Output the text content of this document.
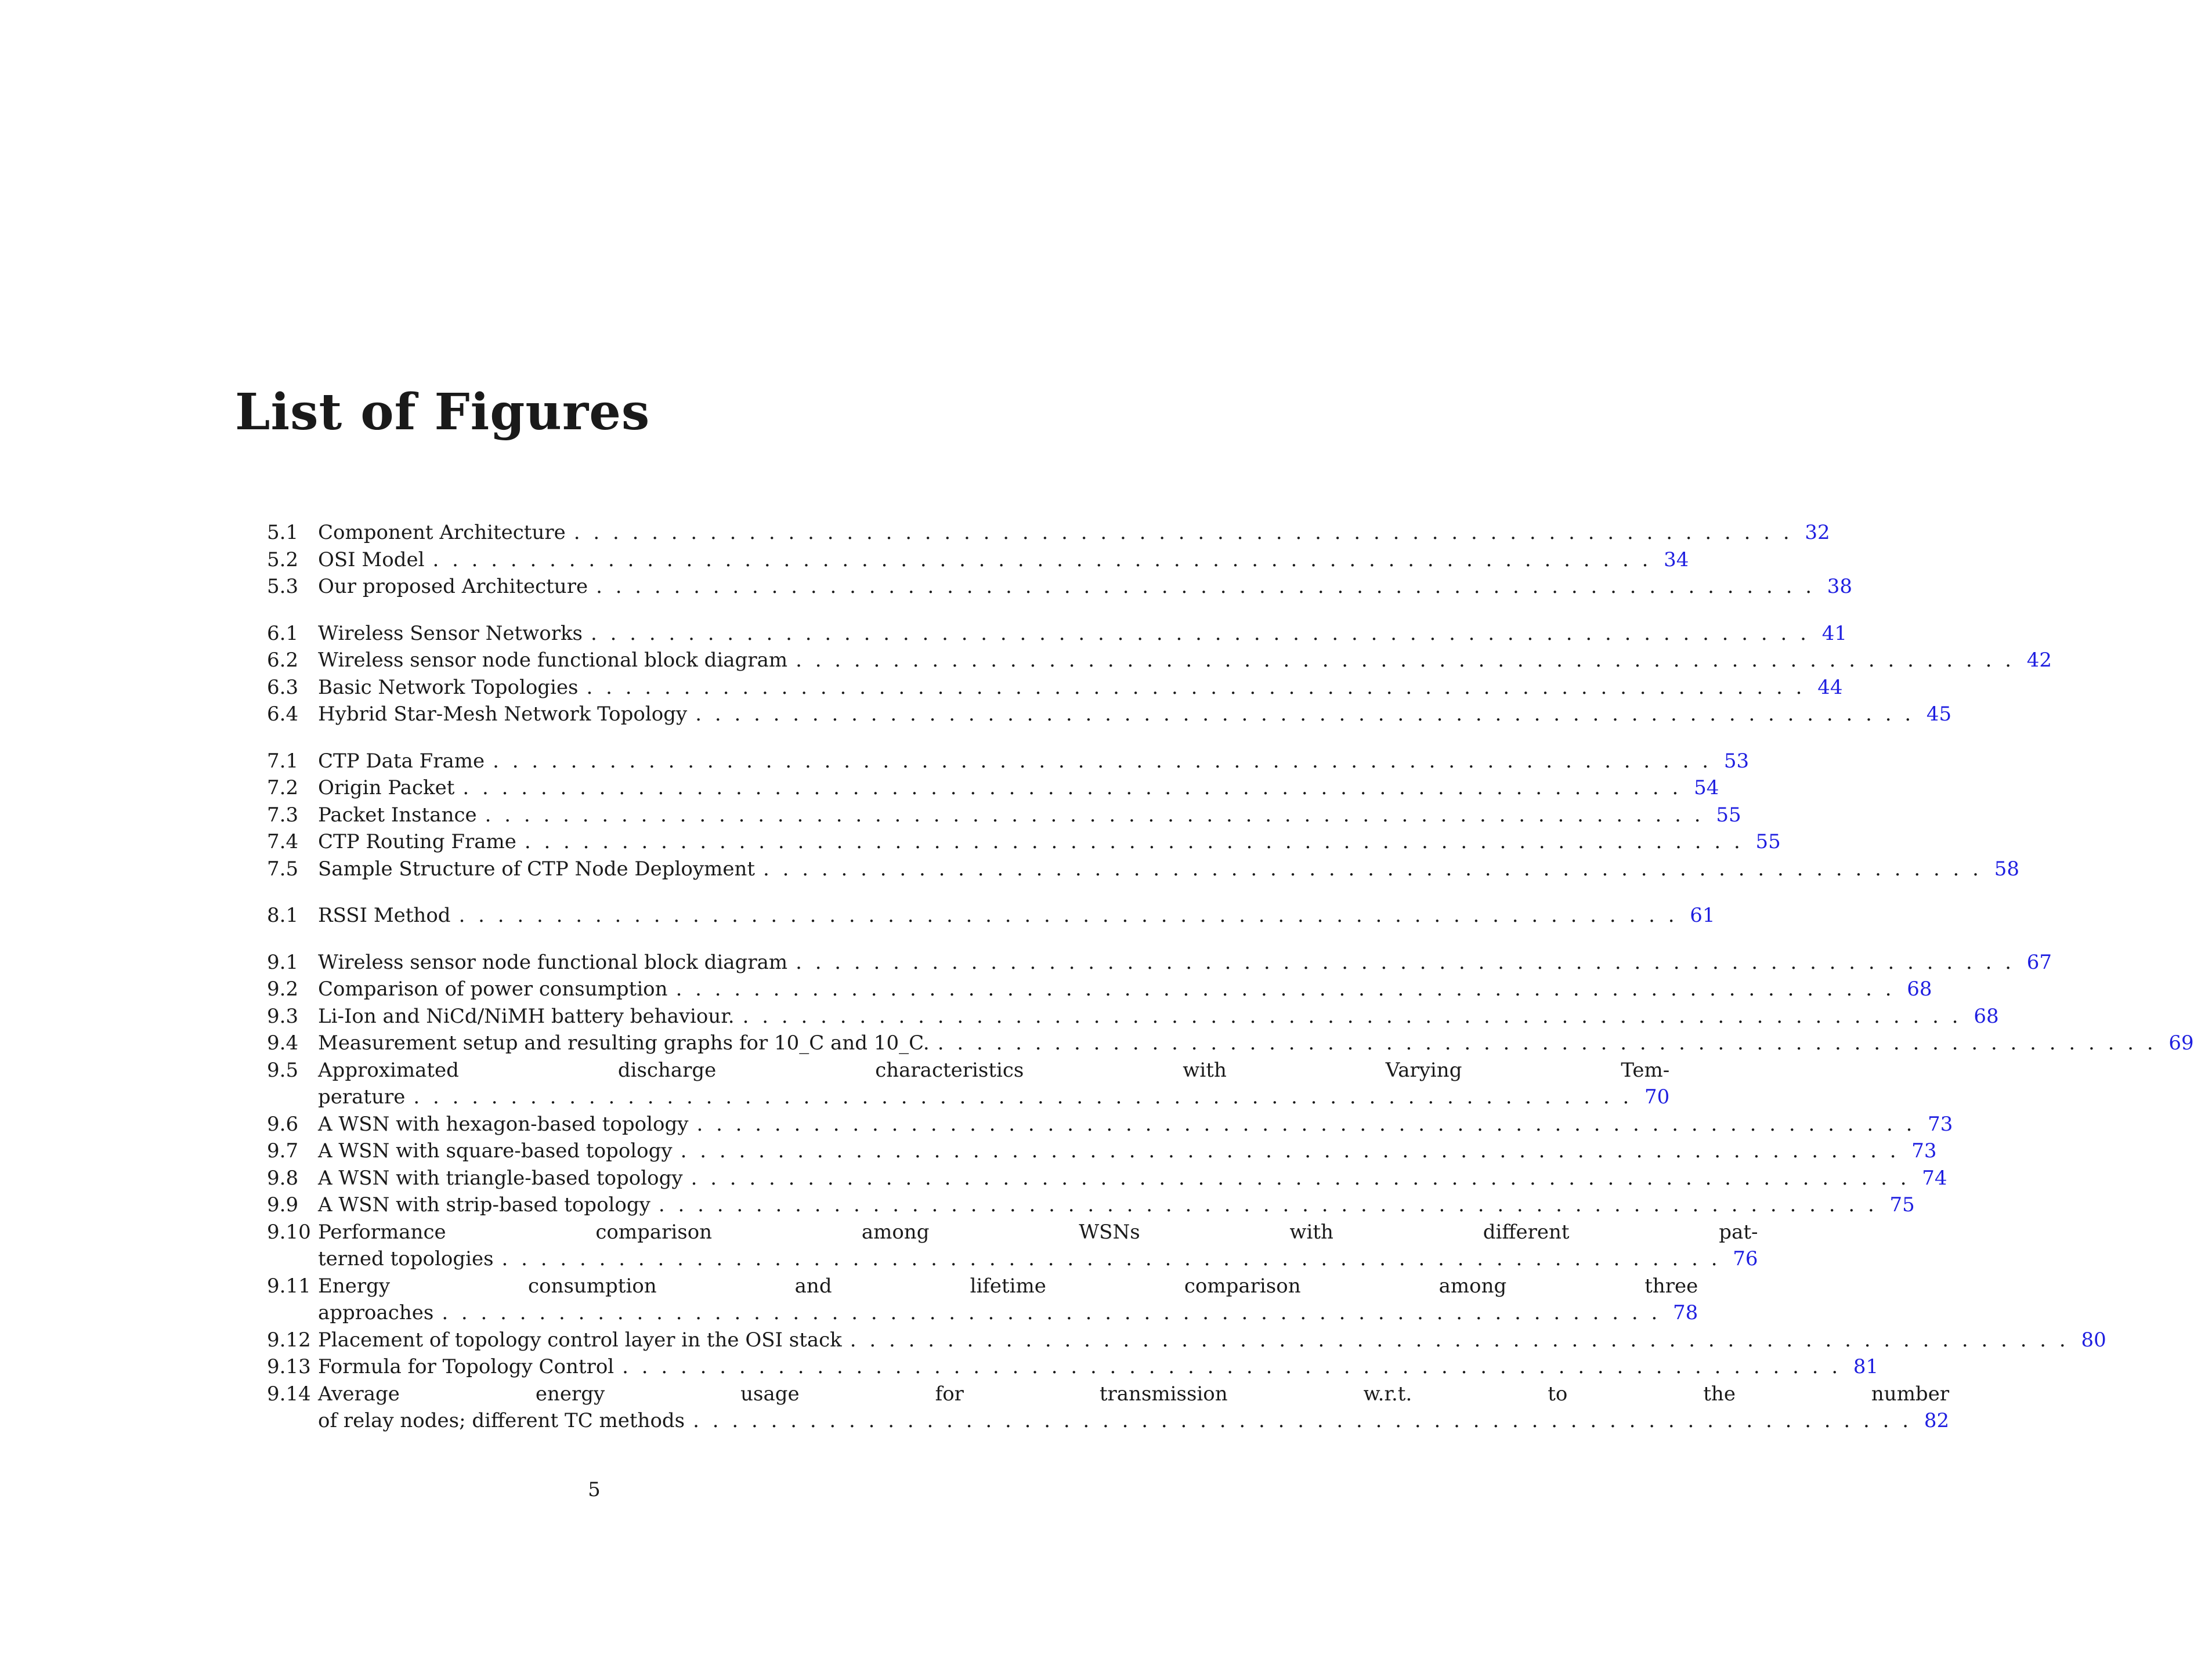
List of Figures
5.1 Component Architecture . . .	32
5.2 OSI Model . . .	34
5.3 Our proposed Architecture . . .	38
6.1 Wireless Sensor Networks . . .	41
6.2 Wireless sensor node functional block diagram . . .	42
6.3 Basic Network Topologies . . .	44
6.4 Hybrid Star-Mesh Network Topology . . .	45
7.1 CTP Data Frame . . .	53
7.2 Origin Packet . . .	54
7.3 Packet Instance . . .	55
7.4 CTP Routing Frame . . .	55
7.5 Sample Structure of CTP Node Deployment . . .	58
8.1 RSSI Method . . .	61
9.1 Wireless sensor node functional block diagram . . .	67
9.2 Comparison of power consumption . . .	68
9.3 Li-Ion and NiCd/NiMH battery behaviour. . . .	68
9.4 Measurement setup and resulting graphs for 10_C and 10_C. . . .	69
9.5 Approximated discharge characteristics with Varying Tem-
perature . . .	70
9.6 A WSN with hexagon-based topology . . .	73
9.7 A WSN with square-based topology . . .	73
9.8 A WSN with triangle-based topology . . .	74
9.9 A WSN with strip-based topology . . .	75
9.10 Performance comparison among WSNs with different pat-
terned topologies . . .	76
9.11 Energy consumption and lifetime comparison among three
approaches . . .	78
9.12 Placement of topology control layer in the OSI stack . . .	80
9.13 Formula for Topology Control . . .	81
9.14 Average energy usage for transmission w.r.t. to the number
of relay nodes; different TC methods . . .	82
5
